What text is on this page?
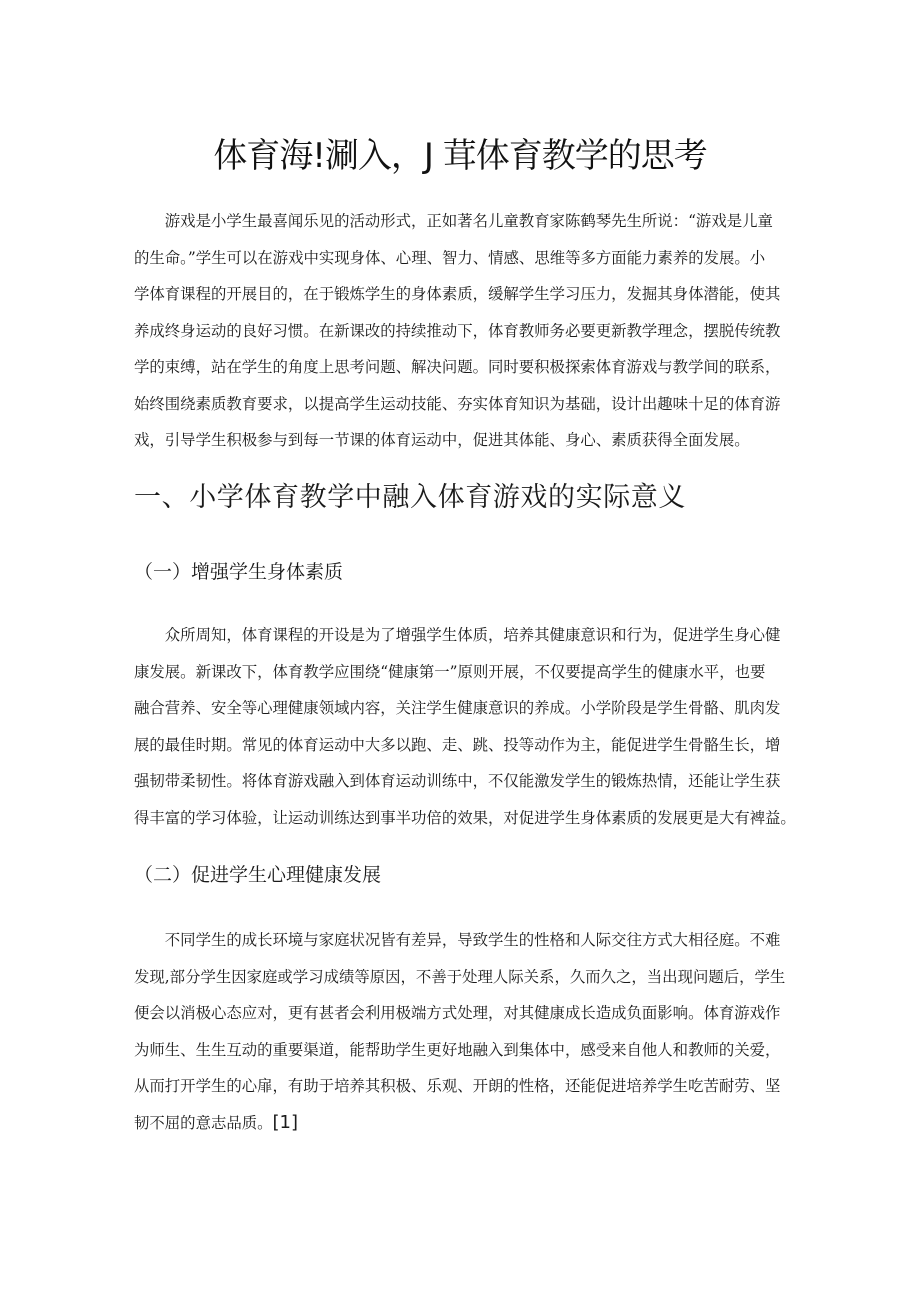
体育海!涮入，J 茸体育教学的思考

　　游戏是小学生最喜闻乐见的活动形式，正如著名儿童教育家陈鹤琴先生所说：“游戏是儿童
的生命。”学生可以在游戏中实现身体、心理、智力、情感、思维等多方面能力素养的发展。小
学体育课程的开展目的，在于锻炼学生的身体素质，缓解学生学习压力，发掘其身体潜能，使其
养成终身运动的良好习惯。在新课改的持续推动下，体育教师务必要更新教学理念，摆脱传统教
学的束缚，站在学生的角度上思考问题、解决问题。同时要积极探索体育游戏与教学间的联系，
始终围绕素质教育要求，以提高学生运动技能、夯实体育知识为基础，设计出趣味十足的体育游
戏，引导学生积极参与到每一节课的体育运动中，促进其体能、身心、素质获得全面发展。

一、小学体育教学中融入体育游戏的实际意义
（一）增强学生身体素质

　　众所周知，体育课程的开设是为了增强学生体质，培养其健康意识和行为，促进学生身心健
康发展。新课改下，体育教学应围绕“健康第一”原则开展，不仅要提高学生的健康水平，也要
融合营养、安全等心理健康领域内容，关注学生健康意识的养成。小学阶段是学生骨骼、肌肉发
展的最佳时期。常见的体育运动中大多以跑、走、跳、投等动作为主，能促进学生骨骼生长，增
强韧带柔韧性。将体育游戏融入到体育运动训练中，不仅能激发学生的锻炼热情，还能让学生获
得丰富的学习体验，让运动训练达到事半功倍的效果，对促进学生身体素质的发展更是大有裨益。

（二）促进学生心理健康发展

　　不同学生的成长环境与家庭状况皆有差异，导致学生的性格和人际交往方式大相径庭。不难
发现,部分学生因家庭或学习成绩等原因，不善于处理人际关系，久而久之，当出现问题后，学生
便会以消极心态应对，更有甚者会利用极端方式处理，对其健康成长造成负面影响。体育游戏作
为师生、生生互动的重要渠道，能帮助学生更好地融入到集体中，感受来自他人和教师的关爱，
从而打开学生的心扉，有助于培养其积极、乐观、开朗的性格，还能促进培养学生吃苦耐劳、坚
韧不屈的意志品质。[1]
